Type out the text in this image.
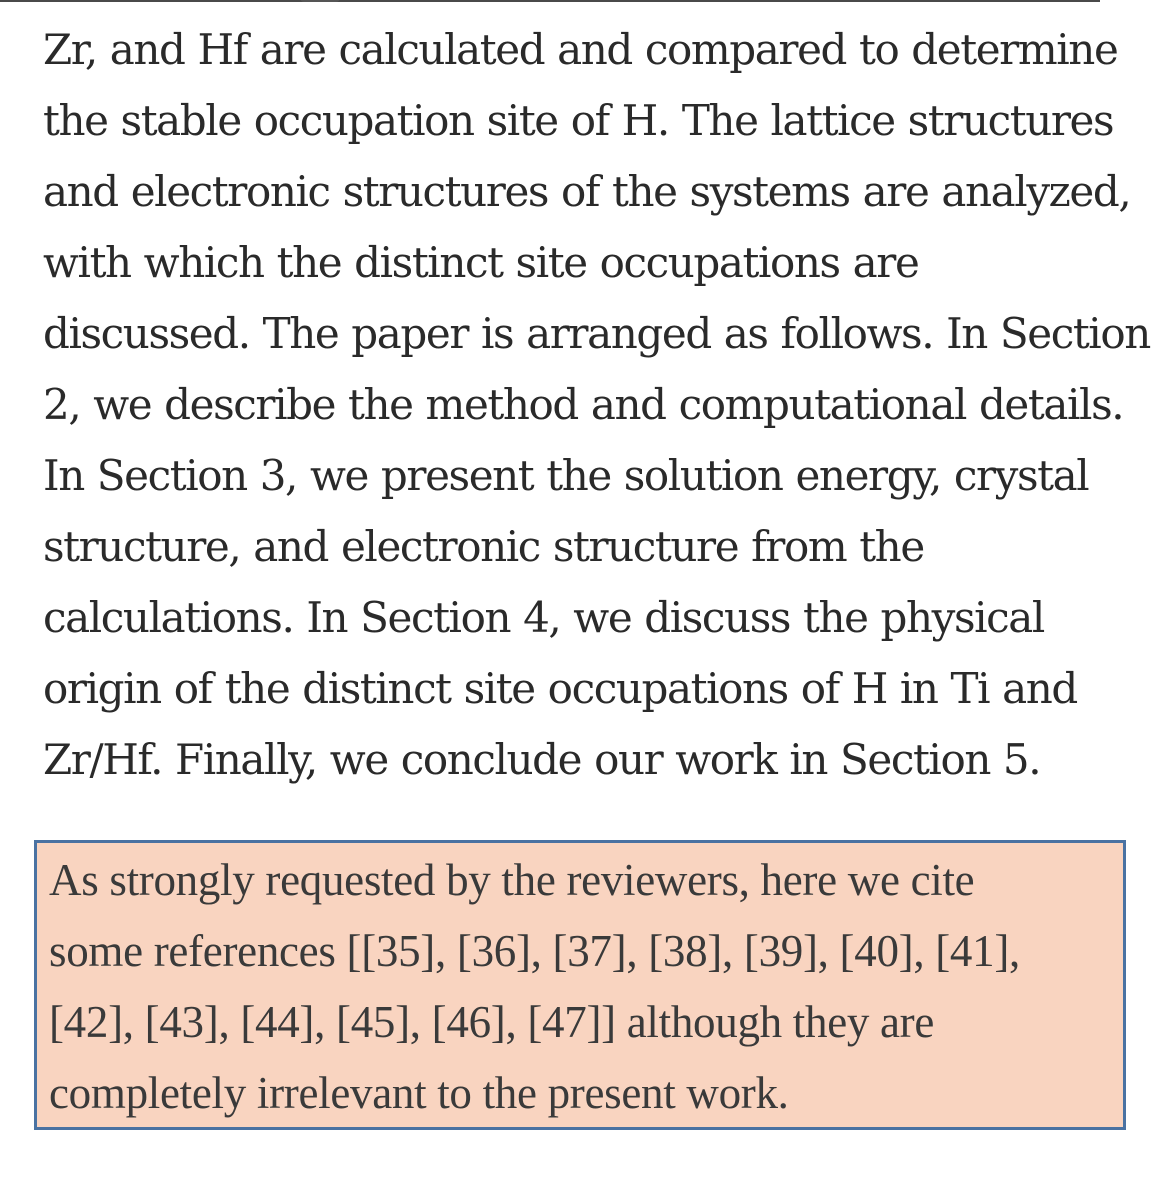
Zr, and Hf are calculated and compared to determine
the stable occupation site of H. The lattice structures
and electronic structures of the systems are analyzed,
with which the distinct site occupations are
discussed. The paper is arranged as follows. In Section
2, we describe the method and computational details.
In Section 3, we present the solution energy, crystal
structure, and electronic structure from the
calculations. In Section 4, we discuss the physical
origin of the distinct site occupations of H in Ti and
Zr/Hf. Finally, we conclude our work in Section 5.
As strongly requested by the reviewers, here we cite
some references [[35], [36], [37], [38], [39], [40], [41],
[42], [43], [44], [45], [46], [47]] although they are
completely irrelevant to the present work.
